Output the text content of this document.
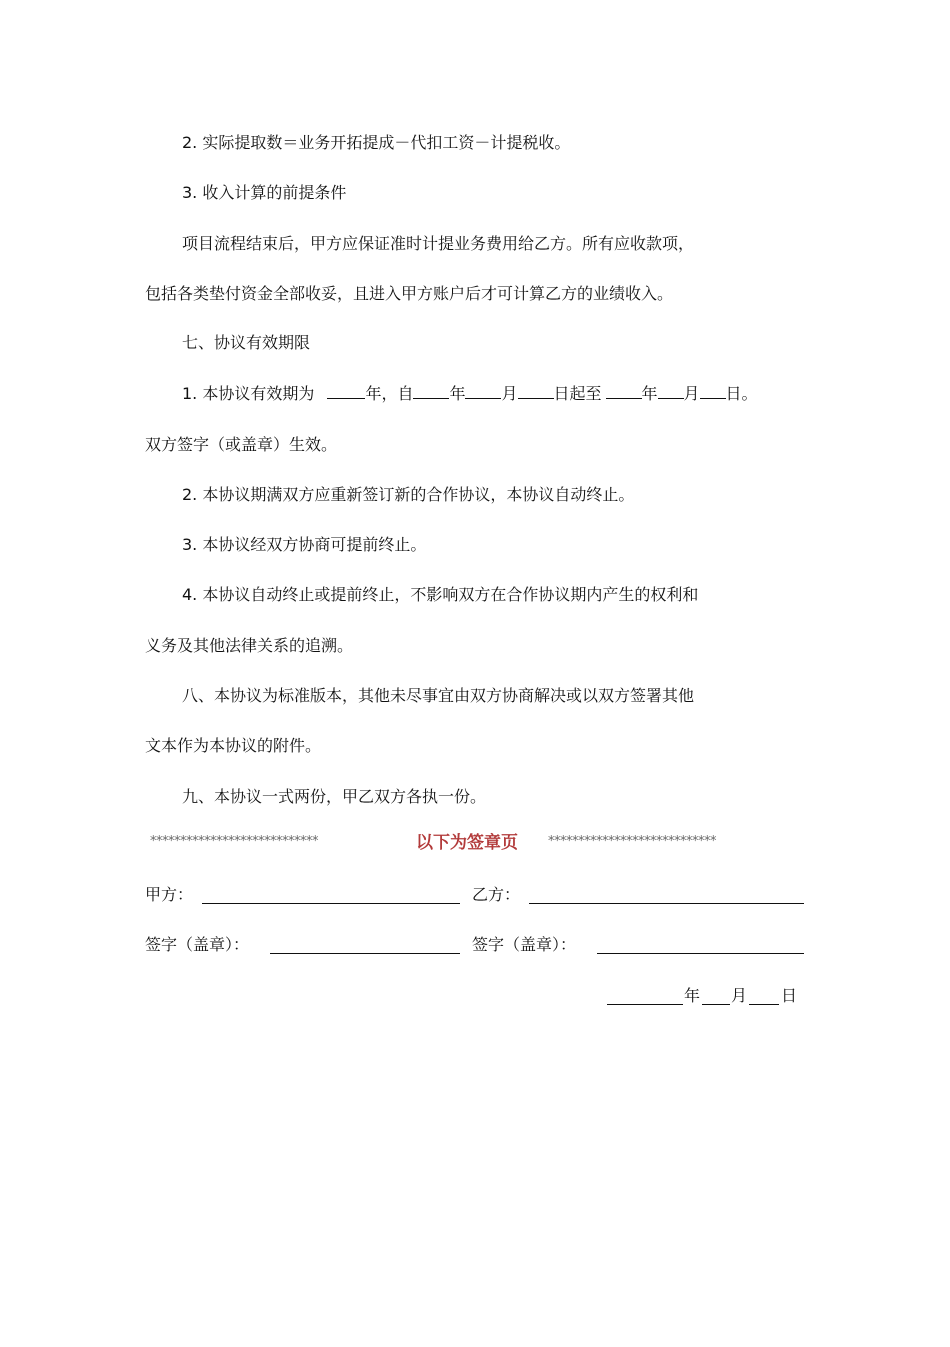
2. 实际提取数＝业务开拓提成－代扣工资－计提税收。
3. 收入计算的前提条件
项目流程结束后，甲方应保证准时计提业务费用给乙方。所有应收款项，
包括各类垫付资金全部收妥，且进入甲方账户后才可计算乙方的业绩收入。
七、协议有效期限
1. 本协议有效期为	年，自 年 月 日起至	年 月 日。
双方签字（或盖章）生效。
2. 本协议期满双方应重新签订新的合作协议，本协议自动终止。
3. 本协议经双方协商可提前终止。
4. 本协议自动终止或提前终止，不影响双方在合作协议期内产生的权利和
义务及其他法律关系的追溯。
八、本协议为标准版本，其他未尽事宜由双方协商解决或以双方签署其他
文本作为本协议的附件。
九、本协议一式两份，甲乙双方各执一份。
****************************	以下为签章页 ****************************
甲方：	乙方：
签字（盖章）：	签字（盖章）：
年 月 日
